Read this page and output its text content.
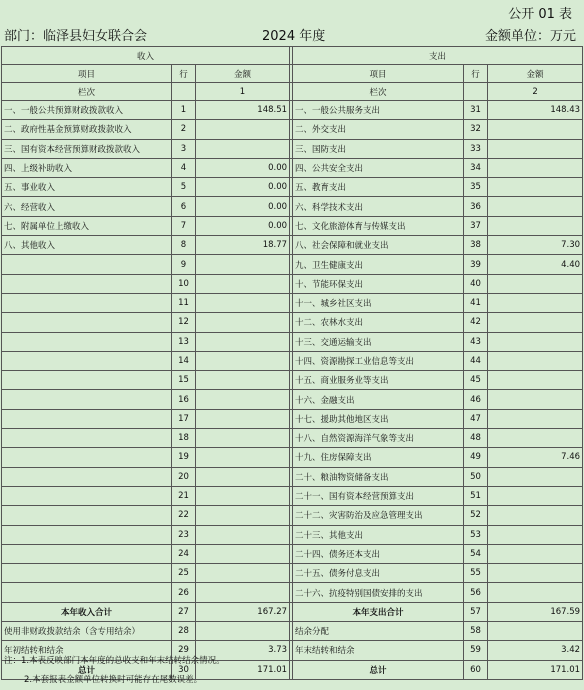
公开 01 表
部门：临泽县妇女联合会	2024 年度	金额单位：万元
收入				支出		
项目	行	金额		项目	行	金额
栏次		1		栏次		2
一、一般公共预算财政拨款收入	1	148.51		一、一般公共服务支出	31	148.43
二、政府性基金预算财政拨款收入	2			二、外交支出	32	
三、国有资本经营预算财政拨款收入	3			三、国防支出	33	
四、上级补助收入	4	0.00		四、公共安全支出	34	
五、事业收入	5	0.00		五、教育支出	35	
六、经营收入	6	0.00		六、科学技术支出	36	
七、附属单位上缴收入	7	0.00		七、文化旅游体育与传媒支出	37	
八、其他收入	8	18.77		八、社会保障和就业支出	38	7.30
	9			九、卫生健康支出	39	4.40
	10			十、节能环保支出	40	
	11			十一、城乡社区支出	41	
	12			十二、农林水支出	42	
	13			十三、交通运输支出	43	
	14			十四、资源勘探工业信息等支出	44	
	15			十五、商业服务业等支出	45	
	16			十六、金融支出	46	
	17			十七、援助其他地区支出	47	
	18			十八、自然资源海洋气象等支出	48	
	19			十九、住房保障支出	49	7.46
	20			二十、粮油物资储备支出	50	
	21			二十一、国有资本经营预算支出	51	
	22			二十二、灾害防治及应急管理支出	52	
	23			二十三、其他支出	53	
	24			二十四、债务还本支出	54	
	25			二十五、债务付息支出	55	
	26			二十六、抗疫特别国债安排的支出	56	
本年收入合计	27	167.27		本年支出合计	57	167.59
使用非财政拨款结余（含专用结余）	28			结余分配	58	
年初结转和结余	29	3.73		年末结转和结余	59	3.42
总计	30	171.01		总计	60	171.01
注：1.本表反映部门本年度的总收支和年末结转结余情况。
2.本套报表金额单位转换时可能存在尾数误差。
